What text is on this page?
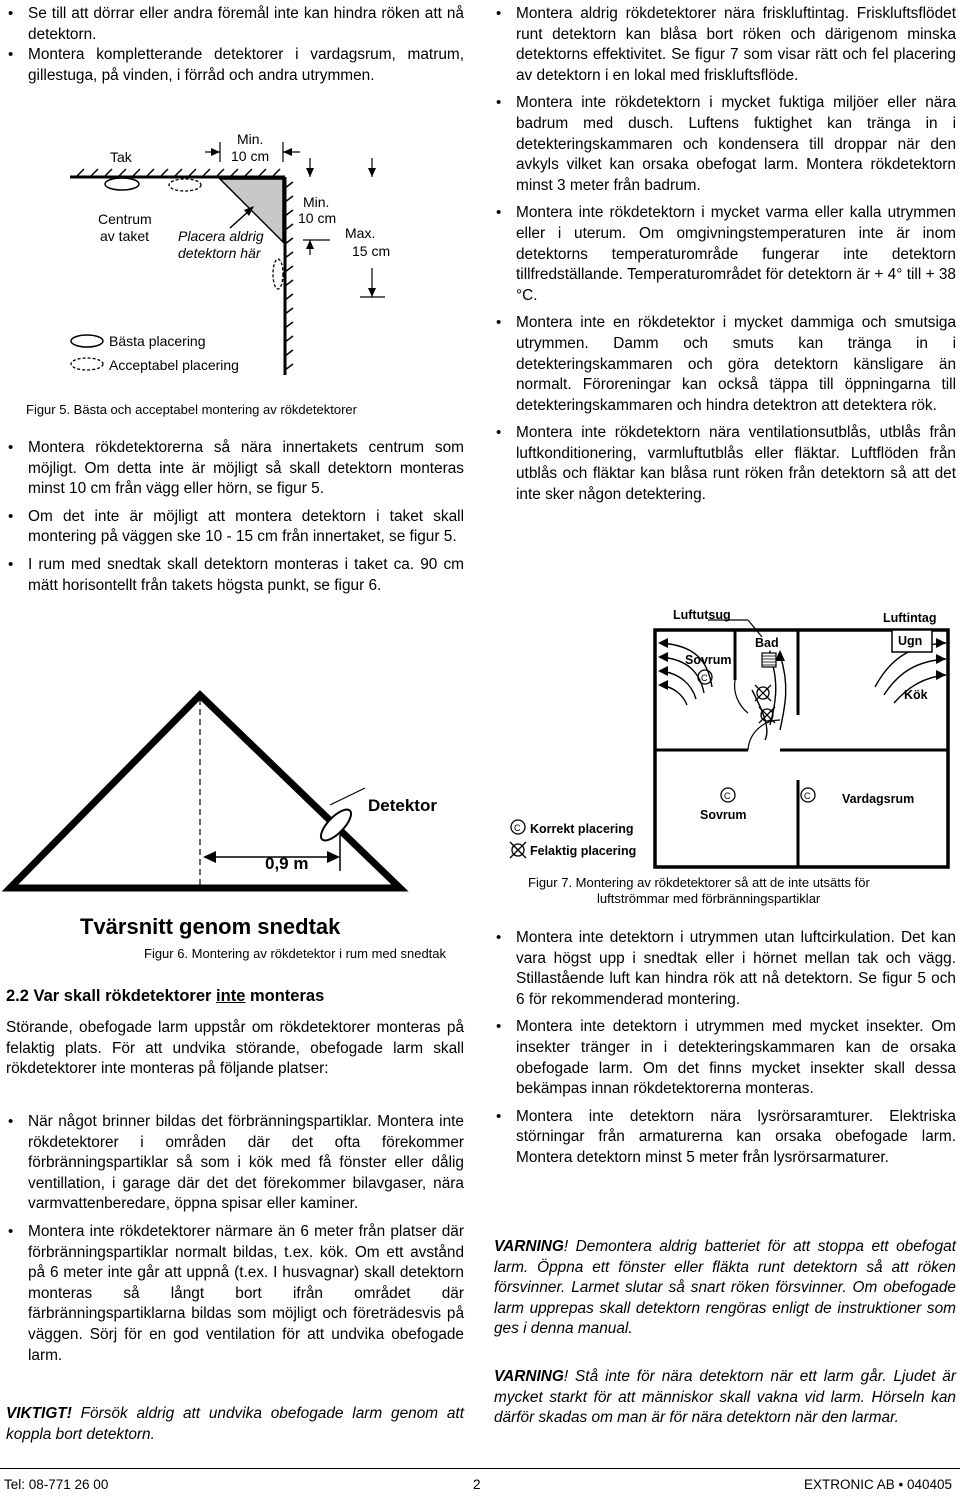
• Se till att dörrar eller andra föremål inte kan hindra röken att nå detektorn.
• Montera kompletterande detektorer i vardagsrum, matrum, gillestuga, på vinden, i förråd och andra utrymmen.
Tak
Min.
10 cm
Centrum
av taket Placera aldrig
detektorn här
Min.
10 cm
Max.
15 cm
Bästa placering
Acceptabel placering
Figur 5. Bästa och acceptabel montering av rökdetektorer
• Montera rökdetektorerna så nära innertakets centrum som möjligt. Om detta inte är möjligt så skall detektorn monteras minst 10 cm från vägg eller hörn, se figur 5.
• Om det inte är möjligt att montera detektorn i taket skall montering på väggen ske 10 - 15 cm från innertaket, se figur 5.
• I rum med snedtak skall detektorn monteras i taket ca. 90 cm mätt horisontellt från takets högsta punkt, se figur 6.
Detektor
0,9 m
Tvärsnitt genom snedtak
Figur 6. Montering av rökdetektor i rum med snedtak
2.2 Var skall rökdetektorer inte monteras
Störande, obefogade larm uppstår om rökdetektorer monteras på felaktig plats. För att undvika störande, obefogade larm skall rökdetektorer inte monteras på följande platser:
• När något brinner bildas det förbränningspartiklar. Montera inte rökdetektorer i områden där det ofta förekommer förbränningspartiklar så som i kök med få fönster eller dålig ventillation, i garage där det det förekommer bilavgaser, nära varmvattenberedare, öppna spisar eller kaminer.
• Montera inte rökdetektorer närmare än 6 meter från platser där förbränningspartiklar normalt bildas, t.ex. kök. Om ett avstånd på 6 meter inte går att uppnå (t.ex. I husvagnar) skall detektorn monteras så långt bort ifrån området där färbränningspartiklarna bildas som möjligt och företrädesvis på väggen. Sörj för en god ventilation för att undvika obefogade larm.
VIKTIGT! Försök aldrig att undvika obefogade larm genom att koppla bort detektorn.
• Montera aldrig rökdetektorer nära friskluftintag. Friskluftsflödet runt detektorn kan blåsa bort röken och därigenom minska detektorns effektivitet. Se figur 7 som visar rätt och fel placering av detektorn i en lokal med friskluftsflöde.
• Montera inte rökdetektorn i mycket fuktiga miljöer eller nära badrum med dusch. Luftens fuktighet kan tränga in i detekteringskammaren och kondensera till droppar när den avkyls vilket kan orsaka obefogat larm. Montera rökdetektorn minst 3 meter från badrum.
• Montera inte rökdetektorn i mycket varma eller kalla utrymmen eller i uterum. Om omgivningstemperaturen inte är inom detektorns temperaturområde fungerar inte detektorn tillfredställande. Temperaturområdet för detektorn är + 4° till + 38 °C.
• Montera inte en rökdetektor i mycket dammiga och smutsiga utrymmen. Damm och smuts kan tränga in i detekteringskammaren och göra detektorn känsligare än normalt. Föroreningar kan också täppa till öppningarna till detekteringskammaren och hindra detektron att detektera rök.
• Montera inte rökdetektorn nära ventilationsutblås, utblås från luftkonditionering, varmluftutblås eller fläktar. Luftflöden från utblås och fläktar kan blåsa runt röken från detektorn så att det inte sker någon detektering.
C
C	C
C
Luftutsug
Bad
Luftintag
Ugn
Sovrum
Kök
Sovrum
Vardagsrum
Korrekt placering
Felaktig placering
Figur 7. Montering av rökdetektorer så att de inte utsätts för
luftströmmar med förbränningspartiklar
• Montera inte detektorn i utrymmen utan luftcirkulation. Det kan vara högst upp i snedtak eller i hörnet mellan tak och vägg. Stillastående luft kan hindra rök att nå detektorn. Se figur 5 och 6 för rekommenderad montering.
• Montera inte detektorn i utrymmen med mycket insekter. Om insekter tränger in i detekteringskammaren kan de orsaka obefogade larm. Om det finns mycket insekter skall dessa bekämpas innan rökdetektorerna monteras.
• Montera inte detektorn nära lysrörsaramturer. Elektriska störningar från armaturerna kan orsaka obefogade larm. Montera detektorn minst 5 meter från lysrörsarmaturer.
VARNING! Demontera aldrig batteriet för att stoppa ett obefogat larm. Öppna ett fönster eller fläkta runt detektorn så att röken försvinner. Larmet slutar så snart röken försvinner. Om obefogade larm upprepas skall detektorn rengöras enligt de instruktioner som ges i denna manual.
VARNING! Stå inte för nära detektorn när ett larm går. Ljudet är mycket starkt för att människor skall vakna vid larm. Hörseln kan därför skadas om man är för nära detektorn när den larmar.
Tel: 08-771 26 00	2	EXTRONIC AB • 040405
